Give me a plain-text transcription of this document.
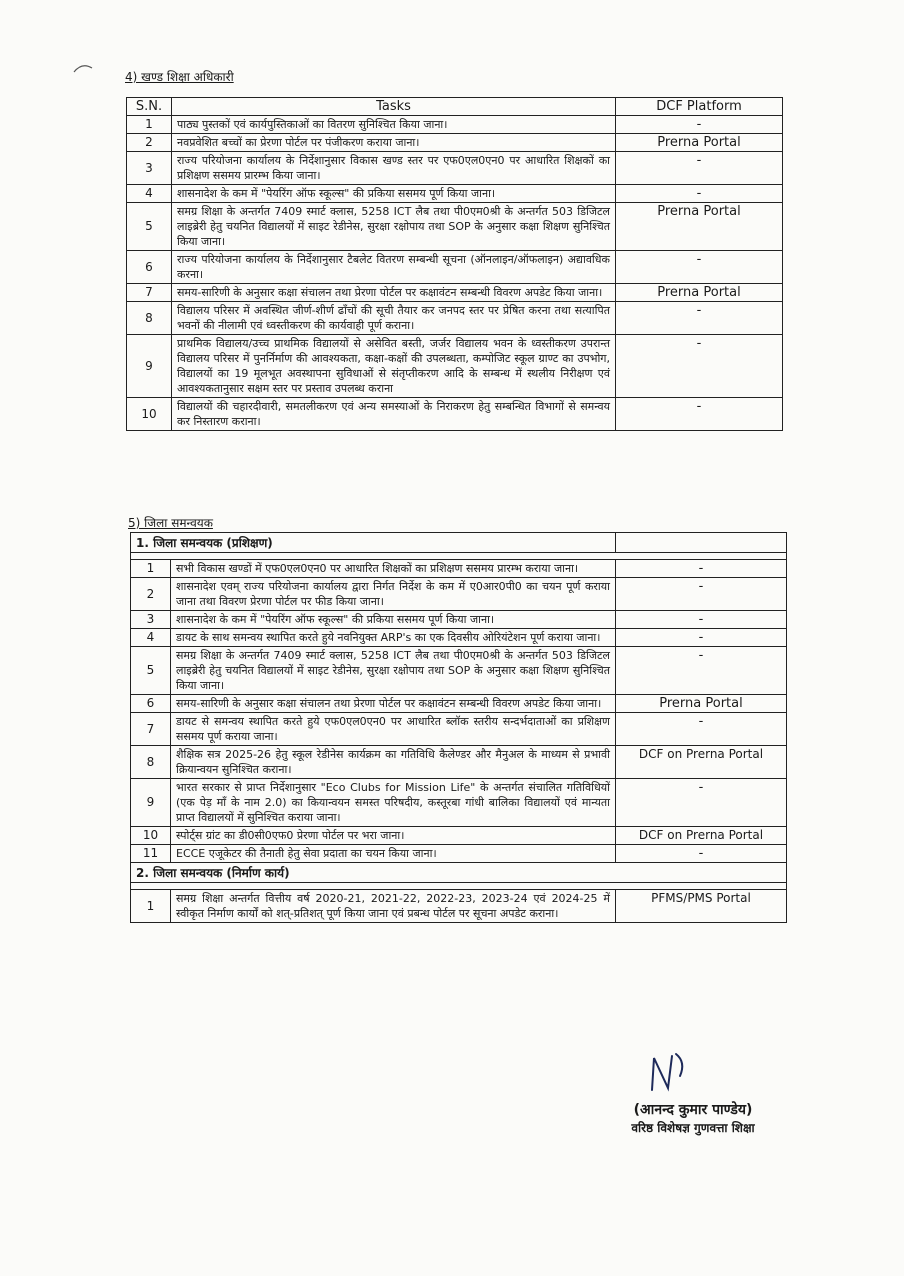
4) खण्ड शिक्षा अधिकारी
S.N.	Tasks	DCF Platform
1	पाठ्य पुस्तकों एवं कार्यपुस्तिकाओं का वितरण सुनिश्चित किया जाना।	-
2	नवप्रवेशित बच्चों का प्रेरणा पोर्टल पर पंजीकरण कराया जाना।	Prerna Portal
3	राज्य परियोजना कार्यालय के निर्देशानुसार विकास खण्ड स्तर पर एफ0एल0एन0 पर आधारित शिक्षकों का प्रशिक्षण ससमय प्रारम्भ किया जाना।	-
4	शासनादेश के कम में "पेयरिंग ऑफ स्कूल्स" की प्रकिया ससमय पूर्ण किया जाना।	-
5	समग्र शिक्षा के अन्तर्गत 7409 स्मार्ट क्लास, 5258 ICT लैब तथा पी0एम0श्री के अन्तर्गत 503 डिजिटल लाइब्रेरी हेतु चयनित विद्यालयों में साइट रेडीनेस, सुरक्षा रक्षोपाय तथा SOP के अनुसार कक्षा शिक्षण सुनिश्चित किया जाना।	Prerna Portal
6	राज्य परियोजना कार्यालय के निर्देशानुसार टैबलेट वितरण सम्बन्धी सूचना (ऑनलाइन/ऑफलाइन) अद्यावधिक करना।	-
7	समय-सारिणी के अनुसार कक्षा संचालन तथा प्रेरणा पोर्टल पर कक्षावंटन सम्बन्धी विवरण अपडेट किया जाना।	Prerna Portal
8	विद्यालय परिसर में अवस्थित जीर्ण-शीर्ण ढाँचों की सूची तैयार कर जनपद स्तर पर प्रेषित करना तथा सत्यापित भवनों की नीलामी एवं ध्वस्तीकरण की कार्यवाही पूर्ण कराना।	-
9	प्राथमिक विद्यालय/उच्च प्राथमिक विद्यालयों से असेवित बस्ती, जर्जर विद्यालय भवन के ध्वस्तीकरण उपरान्त विद्यालय परिसर में पुनर्निर्माण की आवश्यकता, कक्षा-कक्षों की उपलब्धता, कम्पोजिट स्कूल ग्राण्ट का उपभोग, विद्यालयों का 19 मूलभूत अवस्थापना सुविधाओं से संतृप्तीकरण आदि के सम्बन्ध में स्थलीय निरीक्षण एवं आवश्यकतानुसार सक्षम स्तर पर प्रस्ताव उपलब्ध कराना	-
10	विद्यालयों की चहारदीवारी, समतलीकरण एवं अन्य समस्याओं के निराकरण हेतु सम्बन्धित विभागों से समन्वय कर निस्तारण कराना।	-
5) जिला समन्वयक
1. जिला समन्वयक (प्रशिक्षण)		

1	सभी विकास खण्डों में एफ0एल0एन0 पर आधारित शिक्षकों का प्रशिक्षण ससमय प्रारम्भ कराया जाना।	-
2	शासनादेश एवम् राज्य परियोजना कार्यालय द्वारा निर्गत निर्देश के कम में ए0आर0पी0 का चयन पूर्ण कराया जाना तथा विवरण प्रेरणा पोर्टल पर फीड किया जाना।	-
3	शासनादेश के कम में "पेयरिंग ऑफ स्कूल्स" की प्रकिया ससमय पूर्ण किया जाना।	-
4	डायट के साथ समन्वय स्थापित करते हुये नवनियुक्त ARP's का एक दिवसीय ओरियंटेशन पूर्ण कराया जाना।	-
5	समग्र शिक्षा के अन्तर्गत 7409 स्मार्ट क्लास, 5258 ICT लैब तथा पी0एम0श्री के अन्तर्गत 503 डिजिटल लाइब्रेरी हेतु चयनित विद्यालयों में साइट रेडीनेस, सुरक्षा रक्षोपाय तथा SOP के अनुसार कक्षा शिक्षण सुनिश्चित किया जाना।	-
6	समय-सारिणी के अनुसार कक्षा संचालन तथा प्रेरणा पोर्टल पर कक्षावंटन सम्बन्धी विवरण अपडेट किया जाना।	Prerna Portal
7	डायट से समन्वय स्थापित करते हुये एफ0एल0एन0 पर आधारित ब्लॉक स्तरीय सन्दर्भदाताओं का प्रशिक्षण ससमय पूर्ण कराया जाना।	-
8	शैक्षिक सत्र 2025-26 हेतु स्कूल रेडीनेस कार्यक्रम का गतिविधि कैलेण्डर और मैनुअल के माध्यम से प्रभावी क्रियान्वयन सुनिश्चित कराना।	DCF on Prerna Portal
9	भारत सरकार से प्राप्त निर्देशानुसार "Eco Clubs for Mission Life" के अन्तर्गत संचालित गतिविधियों (एक पेड़ माँ के नाम 2.0) का कियान्वयन समस्त परिषदीय, कस्तूरबा गांधी बालिका विद्यालयों एवं मान्यता प्राप्त विद्यालयों में सुनिश्चित कराया जाना।	-
10	स्पोर्ट्स ग्रांट का डी0सी0एफ0 प्रेरणा पोर्टल पर भरा जाना।	DCF on Prerna Portal
11	ECCE एजूकेटर की तैनाती हेतु सेवा प्रदाता का चयन किया जाना।	-
2. जिला समन्वयक (निर्माण कार्य)		

1	समग्र शिक्षा अन्तर्गत वित्तीय वर्ष 2020-21, 2021-22, 2022-23, 2023-24 एवं 2024-25 में स्वीकृत निर्माण कार्यों को शत्-प्रतिशत् पूर्ण किया जाना एवं प्रबन्ध पोर्टल पर सूचना अपडेट कराना।	PFMS/PMS Portal
(आनन्द कुमार पाण्डेय)
वरिष्ठ विशेषज्ञ गुणवत्ता शिक्षा
